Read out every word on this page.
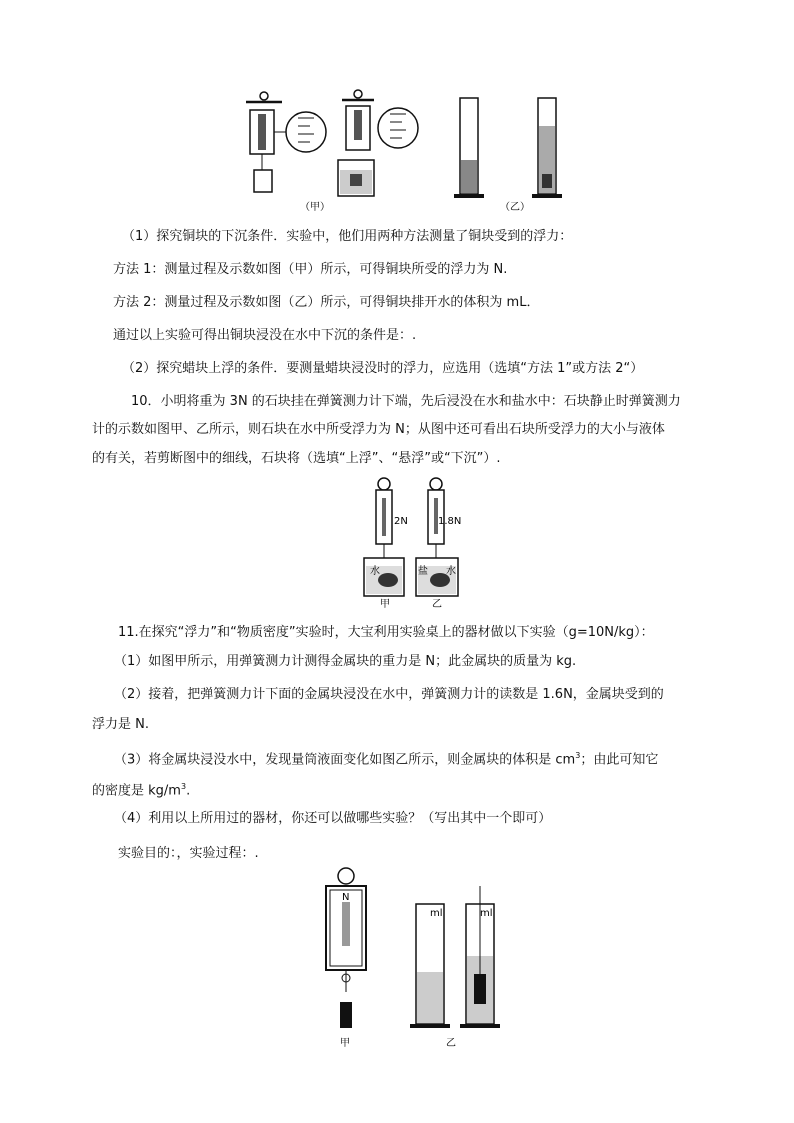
（甲）	（乙）
（1）探究铜块的下沉条件．实验中，他们用两种方法测量了铜块受到的浮力：
方法 1：测量过程及示数如图（甲）所示，可得铜块所受的浮力为 N.
方法 2：测量过程及示数如图（乙）所示，可得铜块排开水的体积为 mL．
通过以上实验可得出铜块浸没在水中下沉的条件是：.
（2）探究蜡块上浮的条件．要测量蜡块浸没时的浮力，应选用（选填“方法 1”或方法 2“）
10．小明将重为 3N 的石块挂在弹簧测力计下端，先后浸没在水和盐水中：石块静止时弹簧测力
计的示数如图甲、乙所示，则石块在水中所受浮力为 N；从图中还可看出石块所受浮力的大小与液体
的有关，若剪断图中的细线，石块将（选填“上浮”、“悬浮”或“下沉”）.
2N
水
1.8N
盐 水
甲	乙
11.在探究“浮力”和“物质密度”实验时，大宝利用实验桌上的器材做以下实验（g=10N/kg）：
（1）如图甲所示，用弹簧测力计测得金属块的重力是 N；此金属块的质量为 kg.
（2）接着，把弹簧测力计下面的金属块浸没在水中，弹簧测力计的读数是 1.6N，金属块受到的
浮力是 N.
（3）将金属块浸没水中，发现量筒液面变化如图乙所示，则金属块的体积是 $cm^3$；由此可知它
的密度是 $kg/m^3$.
（4）利用以上所用过的器材，你还可以做哪些实验？（写出其中一个即可）
实验目的：，实验过程：.
N
甲
ml	ml
乙
